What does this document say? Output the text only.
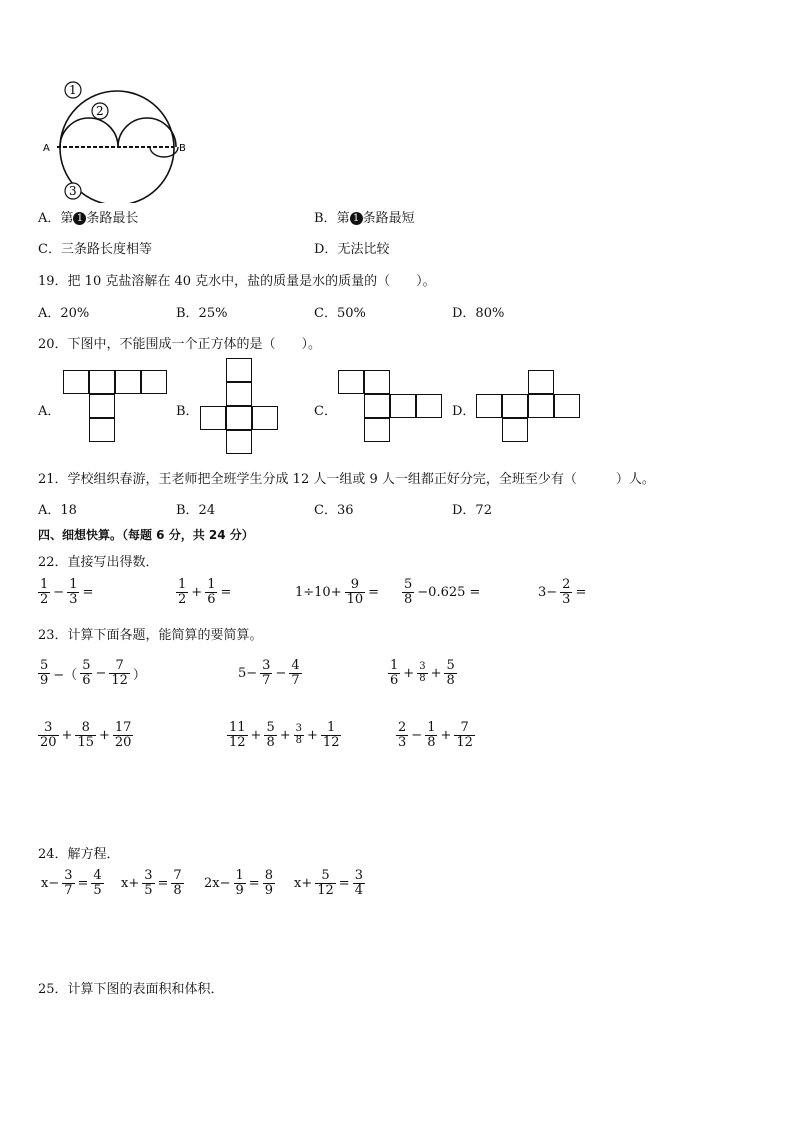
A	B
1
2
3
A．第 1 条路最长	B．第 1 条路最短
C．三条路长度相等	D．无法比较
19．把 10 克盐溶解在 40 克水中，盐的质量是水的质量的（　　）。
A．20%	B．25%	C．50%	D．80%
20．下图中，不能围成一个正方体的是（　　）。
A．	B．	C．	D．
21．学校组织春游，王老师把全班学生分成 12 人一组或 9 人一组都正好分完，全班至少有（　　　）人。
A．18	B．24	C．36	D．72
四、细想快算。（每题 6 分，共 24 分）
22．直接写出得数．
$\frac{1}{2} - \frac{1}{3}$ =	$\frac{1}{2} + \frac{1}{6}$ =	$1\div 10+ \frac{9}{10} = \frac{5}{8} -0.625$ =	$3- \frac{2}{3}$ =
23．计算下面各题，能简算的要简算。
$\frac{5}{9}$ −（ $\frac{5}{6} - \frac{7}{12}$ ）	$5- \frac{3}{7} - \frac{4}{7}$	$\frac{1}{6} + \frac{3}{8} + \frac{5}{8}$
$\frac{3}{20} + \frac{8}{15} + \frac{17}{20}$	$\frac{11}{12} + \frac{5}{8} + \frac{3}{8} + \frac{1}{12}$	$\frac{2}{3} - \frac{1}{8} + \frac{7}{12}$
24．解方程．
$x- \frac{3}{7} = \frac{4}{5} x+ \frac{3}{5} = \frac{7}{8} 2x- \frac{1}{9} = \frac{8}{9} x+ \frac{5}{12} = \frac{3}{4}$
25．计算下图的表面积和体积．
